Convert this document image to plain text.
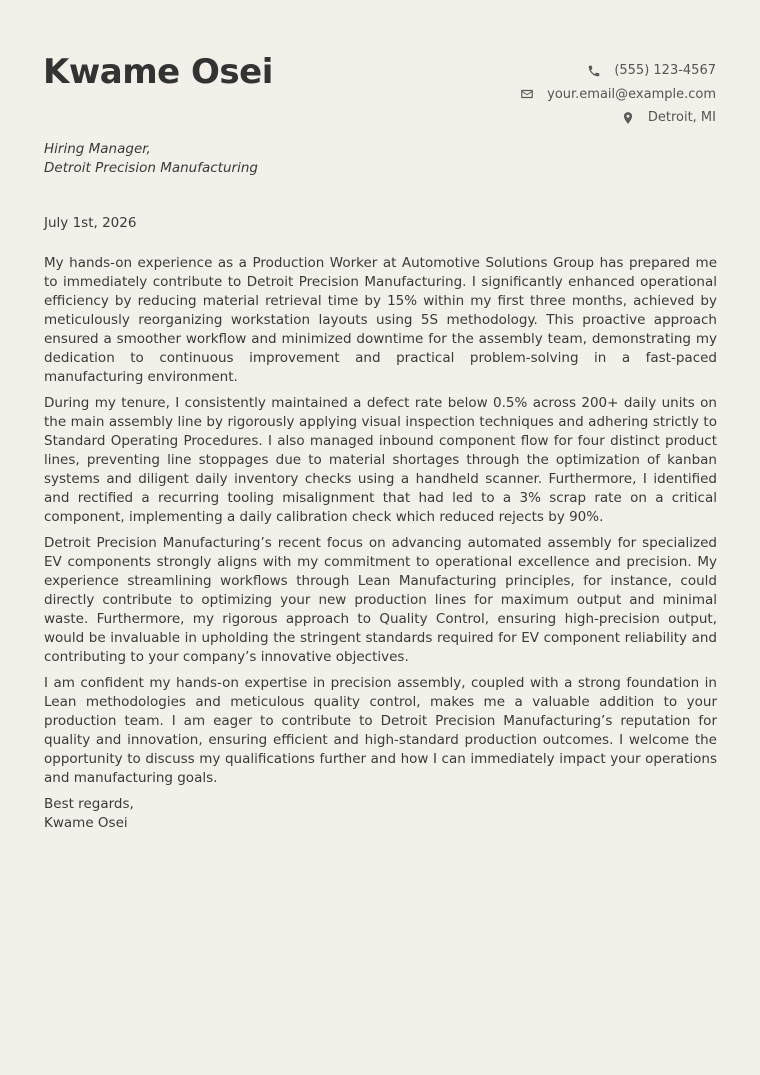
Kwame Osei	(555) 123-4567
your.email@example.com
Detroit, MI
Hiring Manager,
Detroit Precision Manufacturing
July 1st, 2026

My hands-on experience as a Production Worker at Automotive Solutions Group has prepared me to immediately contribute to Detroit Precision Manufacturing. I significantly enhanced operational efficiency by reducing material retrieval time by 15% within my first three months, achieved by meticulously reorganizing workstation layouts using 5S methodology. This proactive approach ensured a smoother workflow and minimized downtime for the assembly team, demonstrating my dedication to continuous improvement and practical problem-solving in a fast-paced manufacturing environment.

During my tenure, I consistently maintained a defect rate below 0.5% across 200+ daily units on the main assembly line by rigorously applying visual inspection techniques and adhering strictly to Standard Operating Procedures. I also managed inbound component flow for four distinct product lines, preventing line stoppages due to material shortages through the optimization of kanban systems and diligent daily inventory checks using a handheld scanner. Furthermore, I identified and rectified a recurring tooling misalignment that had led to a 3% scrap rate on a critical component, implementing a daily calibration check which reduced rejects by 90%.

Detroit Precision Manufacturing’s recent focus on advancing automated assembly for specialized EV components strongly aligns with my commitment to operational excellence and precision. My experience streamlining workflows through Lean Manufacturing principles, for instance, could directly contribute to optimizing your new production lines for maximum output and minimal waste. Furthermore, my rigorous approach to Quality Control, ensuring high-precision output, would be invaluable in upholding the stringent standards required for EV component reliability and contributing to your company’s innovative objectives.

I am confident my hands-on expertise in precision assembly, coupled with a strong foundation in Lean methodologies and meticulous quality control, makes me a valuable addition to your production team. I am eager to contribute to Detroit Precision Manufacturing’s reputation for quality and innovation, ensuring efficient and high-standard production outcomes. I welcome the opportunity to discuss my qualifications further and how I can immediately impact your operations and manufacturing goals.

Best regards,
Kwame Osei
